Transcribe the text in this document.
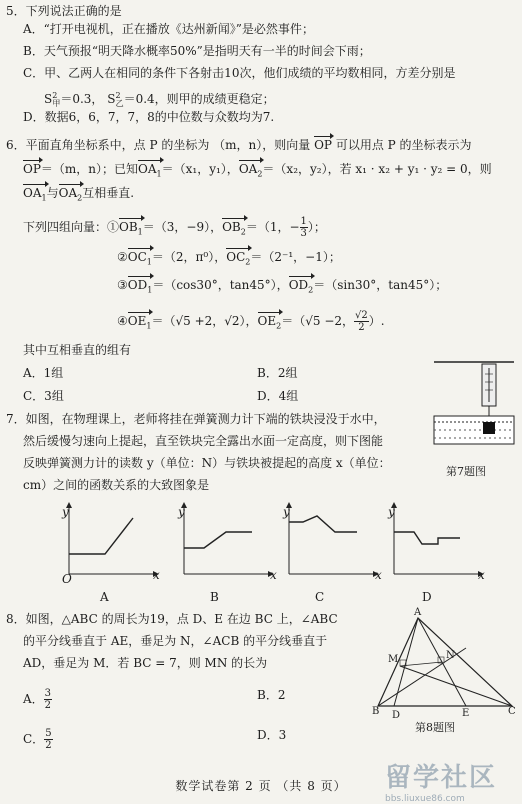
5．下列说法正确的是
A．“打开电视机，正在播放《达州新闻》”是必然事件；
B．天气预报“明天降水概率50%”是指明天有一半的时间会下雨；
C．甲、乙两人在相同的条件下各射击10次，他们成绩的平均数相同，方差分别是
$S^2_甲=0.3$， $S^2_乙=0.4$，则甲的成绩更稳定；
D．数据6，6，7，7，8的中位数与众数均为7.
6．平面直角坐标系中，点 P 的坐标为 （m，n），则向量 OP 可以用点 P 的坐标表示为
OP＝（m，n）；已知$OA_1=(x_1$，y₁），$OA_2=(x_2$，y₂），若 x₁ · x₂ + y₁ · y₂ = 0，则
$OA_1$与$OA_2$互相垂直.
下列四组向量：$①OB_1=(3$，−9），$OB_2=(1$，− $\frac{1}{3}$ ）；
$②OC_1=(2$，π⁰），$OC_2=(2^{-1}$，−1）；
$③OD_1=(\cos 30^\circ$，tan45°），$OD_2=(\sin 30^\circ$，tan45°）；
$④OE_1=(√5 +2$，√2），$OE_2=(√5 -2$， $\frac{√2}{2}$ ）.
其中互相垂直的组有
A．1组	B．2组
C．3组	D．4组
7．如图，在物理课上，老师将挂在弹簧测力计下端的铁块浸没于水中，
然后缓慢匀速向上提起，直至铁块完全露出水面一定高度，则下图能
反映弹簧测力计的读数 y（单位：N）与铁块被提起的高度 x（单位：
cm）之间的函数关系的大致图象是
第7题图
y
O	x
A
y
x
B
y
x
C
y
x
D
8．如图，△ABC 的周长为19，点 D、E 在边 BC 上，∠ABC
的平分线垂直于 AE，垂足为 N，∠ACB 的平分线垂直于
AD，垂足为 M．若 BC = 7，则 MN 的长为
A． $\frac{3}{2}$	B．2
C． $\frac{5}{2}$	D．3
A
M	N
B D	E	C
第8题图
数学试卷第 2 页 （共 8 页）	留学社区
bbs.liuxue86.com
